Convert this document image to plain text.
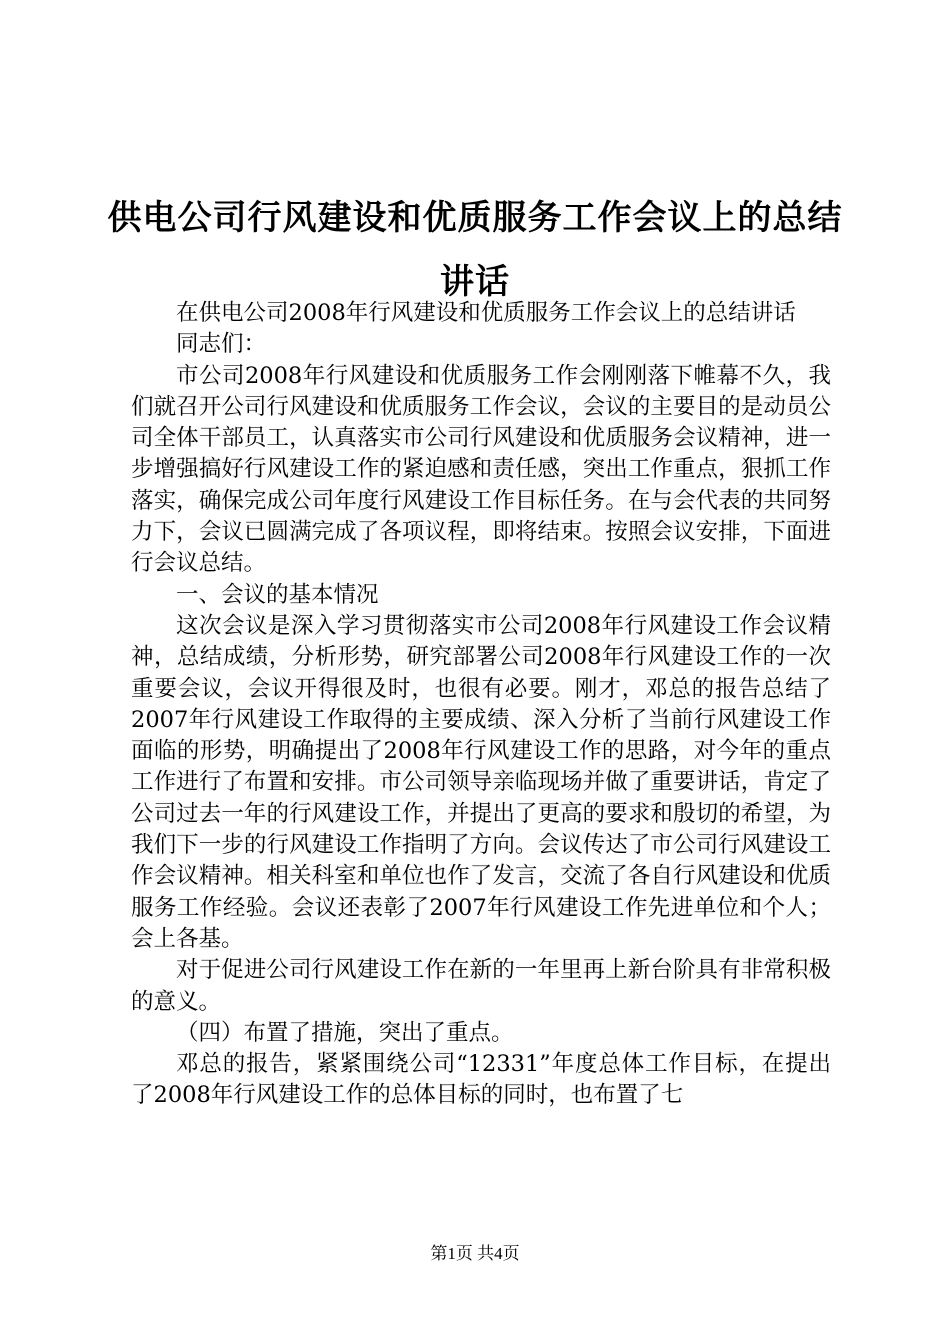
供电公司行风建设和优质服务工作会议上的总结讲话

在供电公司2008年行风建设和优质服务工作会议上的总结讲话

同志们：

市公司2008年行风建设和优质服务工作会刚刚落下帷幕不久，我们就召开公司行风建设和优质服务工作会议，会议的主要目的是动员公司全体干部员工，认真落实市公司行风建设和优质服务会议精神，进一步增强搞好行风建设工作的紧迫感和责任感，突出工作重点，狠抓工作落实，确保完成公司年度行风建设工作目标任务。在与会代表的共同努力下，会议已圆满完成了各项议程，即将结束。按照会议安排，下面进行会议总结。

一、会议的基本情况

这次会议是深入学习贯彻落实市公司2008年行风建设工作会议精神，总结成绩，分析形势，研究部署公司2008年行风建设工作的一次重要会议，会议开得很及时，也很有必要。刚才，邓总的报告总结了2007年行风建设工作取得的主要成绩、深入分析了当前行风建设工作面临的形势，明确提出了2008年行风建设工作的思路，对今年的重点工作进行了布置和安排。市公司领导亲临现场并做了重要讲话，肯定了公司过去一年的行风建设工作，并提出了更高的要求和殷切的希望，为我们下一步的行风建设工作指明了方向。会议传达了市公司行风建设工作会议精神。相关科室和单位也作了发言，交流了各自行风建设和优质服务工作经验。会议还表彰了2007年行风建设工作先进单位和个人；会上各基。

对于促进公司行风建设工作在新的一年里再上新台阶具有非常积极的意义。

（四）布置了措施，突出了重点。

邓总的报告，紧紧围绕公司“12331”年度总体工作目标，在提出了2008年行风建设工作的总体目标的同时，也布置了七

第1页 共4页
